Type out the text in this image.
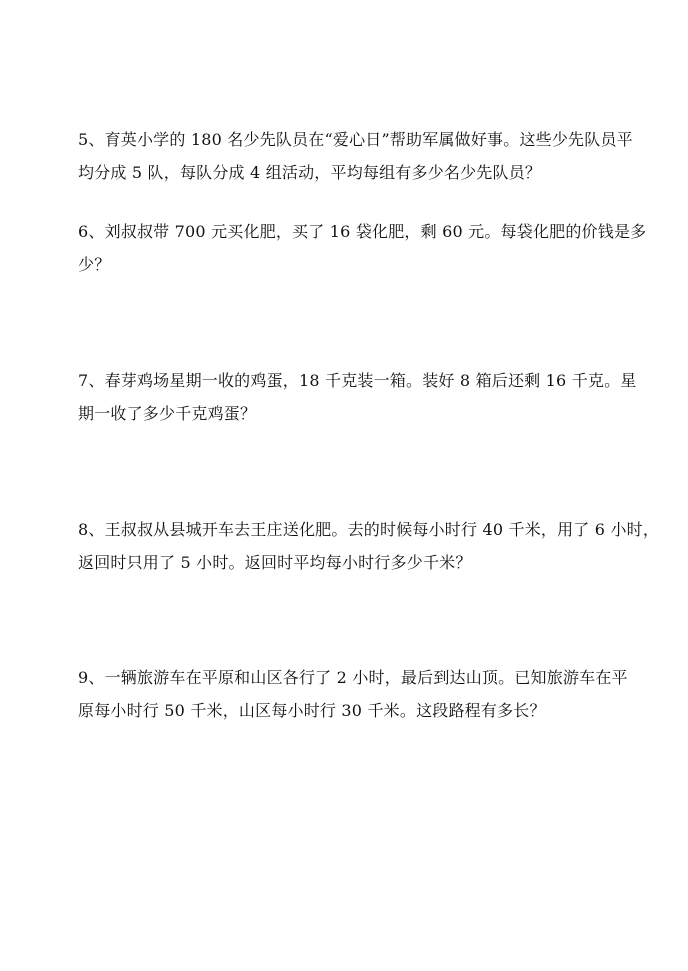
5、育英小学的 180 名少先队员在“爱心日”帮助军属做好事。这些少先队员平

均分成 5 队，每队分成 4 组活动，平均每组有多少名少先队员？

6、刘叔叔带 700 元买化肥，买了 16 袋化肥，剩 60 元。每袋化肥的价钱是多

少？

7、春芽鸡场星期一收的鸡蛋，18 千克装一箱。装好 8 箱后还剩 16 千克。星

期一收了多少千克鸡蛋？

8、王叔叔从县城开车去王庄送化肥。去的时候每小时行 40 千米，用了 6 小时，

返回时只用了 5 小时。返回时平均每小时行多少千米？

9、一辆旅游车在平原和山区各行了 2 小时，最后到达山顶。已知旅游车在平

原每小时行 50 千米，山区每小时行 30 千米。这段路程有多长？
